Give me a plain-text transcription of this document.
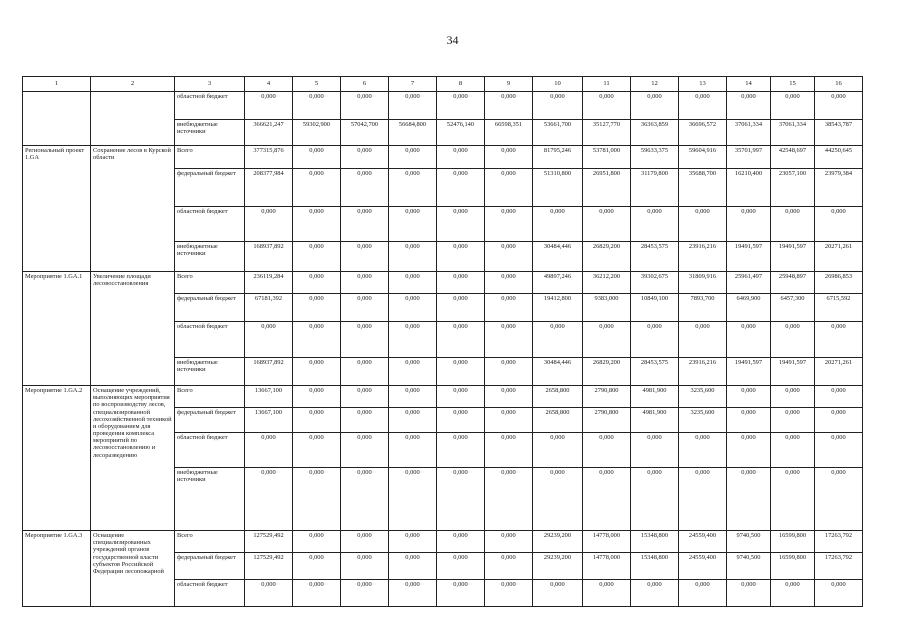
34
1	2	3	4	5	6	7	8	9	10	11	12	13	14	15	16
		областной бюджет	0,000	0,000	0,000	0,000	0,000	0,000	0,000	0,000	0,000	0,000	0,000	0,000	0,000
		внебюджетные источники	366621,247	59302,900	57042,700	56684,800	52476,140	66598,351	53661,700	35127,770	36363,859	36696,572	37061,334	37061,334	38543,787
Региональный проект 1.GA	Сохранение лесов в Курской области	Всего	377315,876	0,000	0,000	0,000	0,000	0,000	81795,246	53781,000	59633,375	59604,916	35701,997	42548,697	44250,645
		федеральный бюджет	208377,984	0,000	0,000	0,000	0,000	0,000	51310,800	26951,800	31179,800	35688,700	16210,400	23057,100	23979,384
		областной бюджет	0,000	0,000	0,000	0,000	0,000	0,000	0,000	0,000	0,000	0,000	0,000	0,000	0,000
		внебюджетные источники	168937,892	0,000	0,000	0,000	0,000	0,000	30484,446	26829,200	28453,575	23916,216	19491,597	19491,597	20271,261
Мероприятие 1.GA.1	Увеличение площади лесовосстановления	Всего	236119,284	0,000	0,000	0,000	0,000	0,000	49897,246	36212,200	39302,675	31809,916	25961,497	25948,897	26986,853
		федеральный бюджет	67181,392	0,000	0,000	0,000	0,000	0,000	19412,800	9383,000	10849,100	7893,700	6469,900	6457,300	6715,592
		областной бюджет	0,000	0,000	0,000	0,000	0,000	0,000	0,000	0,000	0,000	0,000	0,000	0,000	0,000
		внебюджетные источники	168937,892	0,000	0,000	0,000	0,000	0,000	30484,446	26829,200	28453,575	23916,216	19491,597	19491,597	20271,261
Мероприятие 1.GA.2	Оснащение учреждений, выполняющих мероприятия по воспроизводству лесов, специализированной лесохозяйственной техникой и оборудованием для проведения комплекса мероприятий по лесовосстановлению и лесоразведению	Всего	13667,100	0,000	0,000	0,000	0,000	0,000	2658,800	2790,800	4981,900	3235,600	0,000	0,000	0,000
		федеральный бюджет	13667,100	0,000	0,000	0,000	0,000	0,000	2658,800	2790,800	4981,900	3235,600	0,000	0,000	0,000
		областной бюджет	0,000	0,000	0,000	0,000	0,000	0,000	0,000	0,000	0,000	0,000	0,000	0,000	0,000
		внебюджетные источники	0,000	0,000	0,000	0,000	0,000	0,000	0,000	0,000	0,000	0,000	0,000	0,000	0,000
Мероприятие 1.GA.3	Оснащение специализированных учреждений органов государственной власти субъектов Российской Федерации лесопожарной	Всего	127529,492	0,000	0,000	0,000	0,000	0,000	29239,200	14778,000	15348,800	24559,400	9740,500	16599,800	17263,792
		федеральный бюджет	127529,492	0,000	0,000	0,000	0,000	0,000	29239,200	14778,000	15348,800	24559,400	9740,500	16599,800	17263,792
		областной бюджет	0,000	0,000	0,000	0,000	0,000	0,000	0,000	0,000	0,000	0,000	0,000	0,000	0,000
